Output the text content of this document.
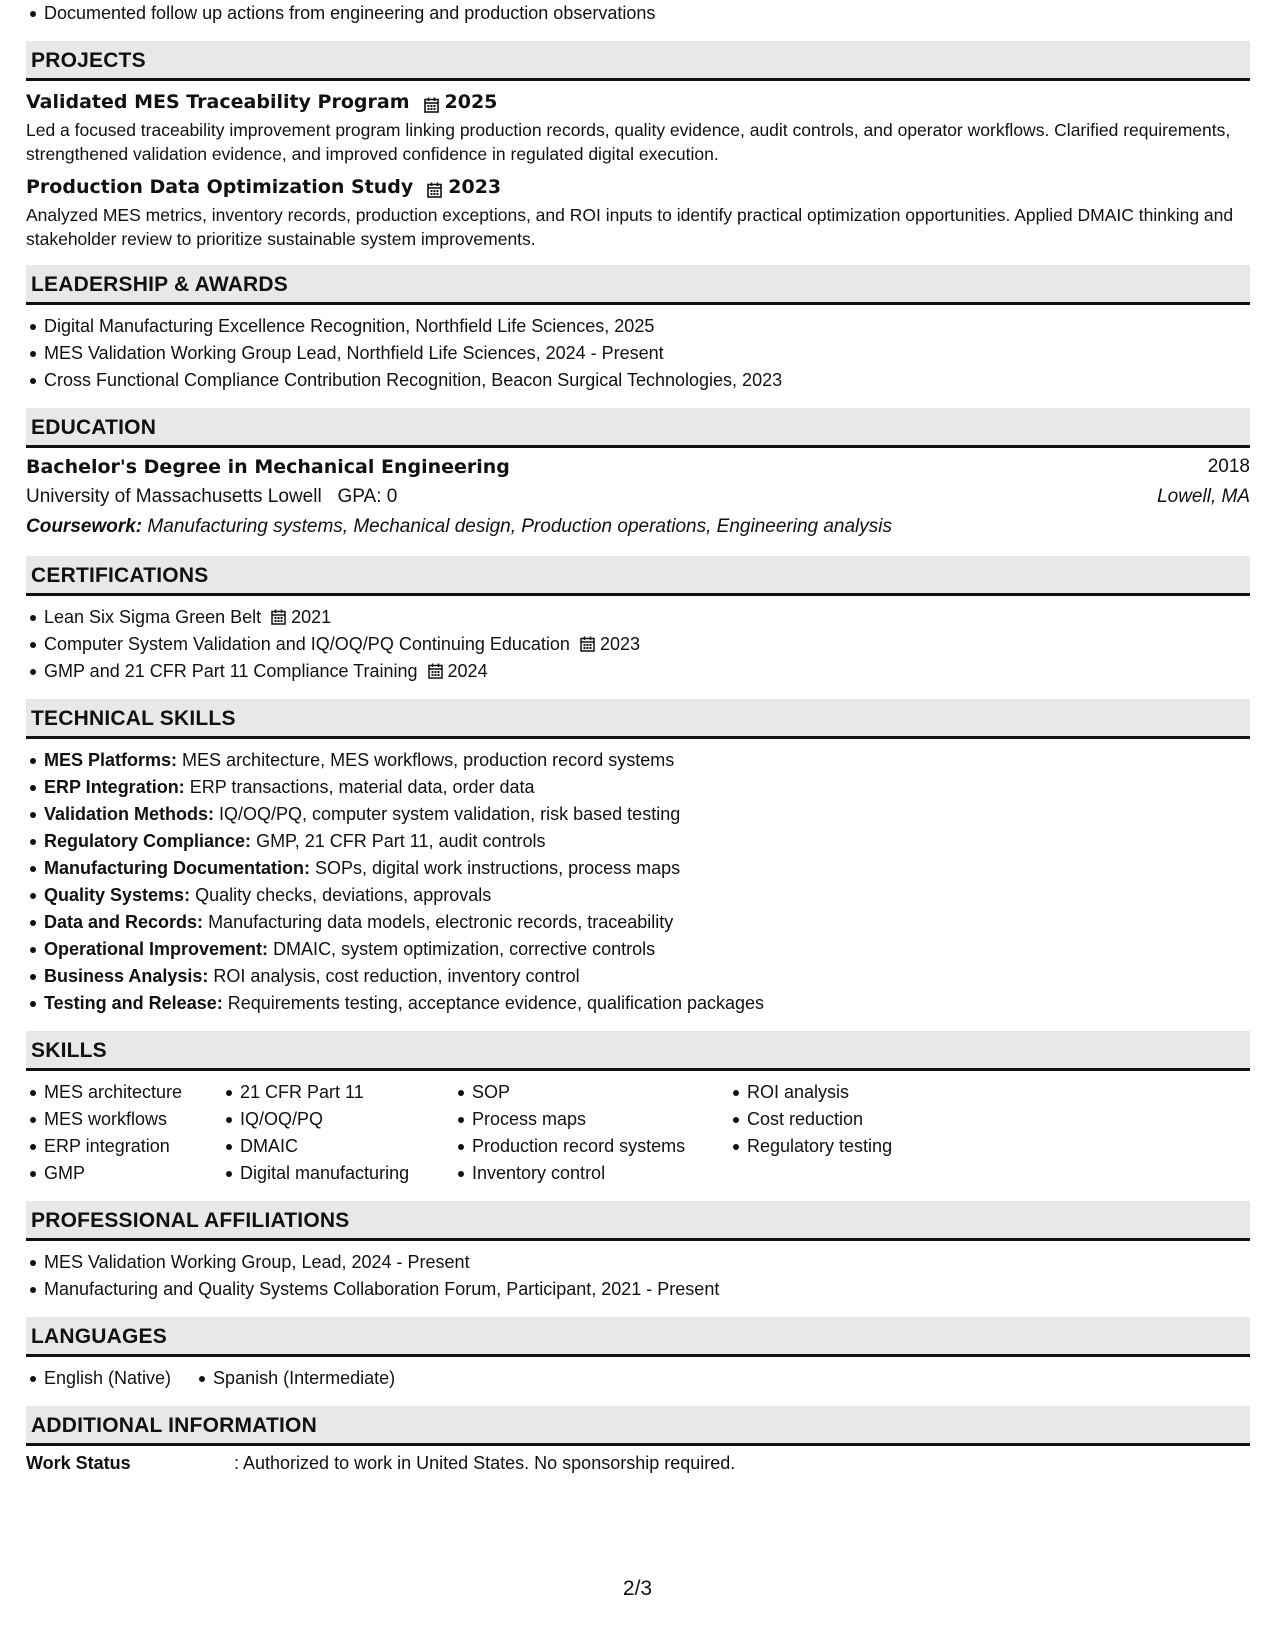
Documented follow up actions from engineering and production observations
PROJECTS
Validated MES Traceability Program 2025
Led a focused traceability improvement program linking production records, quality evidence, audit controls, and operator workflows. Clarified requirements, strengthened validation evidence, and improved confidence in regulated digital execution.
Production Data Optimization Study 2023
Analyzed MES metrics, inventory records, production exceptions, and ROI inputs to identify practical optimization opportunities. Applied DMAIC thinking and stakeholder review to prioritize sustainable system improvements.
LEADERSHIP & AWARDS
Digital Manufacturing Excellence Recognition, Northfield Life Sciences, 2025
MES Validation Working Group Lead, Northfield Life Sciences, 2024 - Present
Cross Functional Compliance Contribution Recognition, Beacon Surgical Technologies, 2023
EDUCATION
Bachelor's Degree in Mechanical Engineering	2018
University of Massachusetts Lowell GPA: 0	Lowell, MA
Coursework: Manufacturing systems, Mechanical design, Production operations, Engineering analysis
CERTIFICATIONS
Lean Six Sigma Green Belt 2021
Computer System Validation and IQ/OQ/PQ Continuing Education 2023
GMP and 21 CFR Part 11 Compliance Training 2024
TECHNICAL SKILLS
MES Platforms: MES architecture, MES workflows, production record systems
ERP Integration: ERP transactions, material data, order data
Validation Methods: IQ/OQ/PQ, computer system validation, risk based testing
Regulatory Compliance: GMP, 21 CFR Part 11, audit controls
Manufacturing Documentation: SOPs, digital work instructions, process maps
Quality Systems: Quality checks, deviations, approvals
Data and Records: Manufacturing data models, electronic records, traceability
Operational Improvement: DMAIC, system optimization, corrective controls
Business Analysis: ROI analysis, cost reduction, inventory control
Testing and Release: Requirements testing, acceptance evidence, qualification packages
SKILLS
MES architecture
MES workflows
ERP integration
GMP
21 CFR Part 11
IQ/OQ/PQ
DMAIC
Digital manufacturing
SOP
Process maps
Production record systems
Inventory control
ROI analysis
Cost reduction
Regulatory testing
PROFESSIONAL AFFILIATIONS
MES Validation Working Group, Lead, 2024 - Present
Manufacturing and Quality Systems Collaboration Forum, Participant, 2021 - Present
LANGUAGES
English (Native) Spanish (Intermediate)
ADDITIONAL INFORMATION
Work Status	: Authorized to work in United States. No sponsorship required.
2/3
